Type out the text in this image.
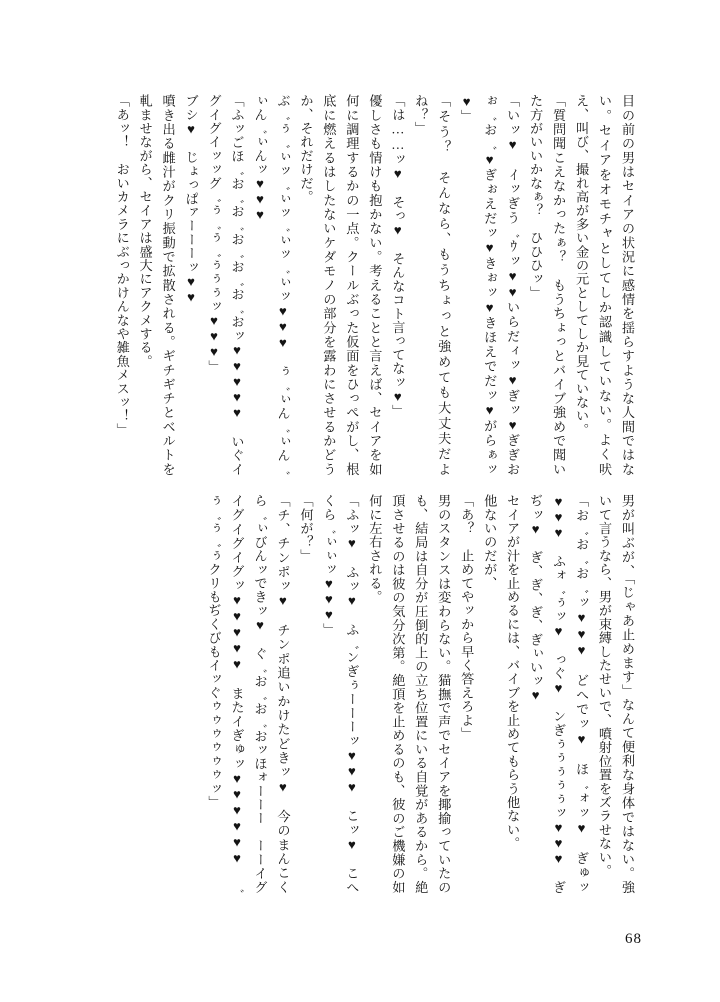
目の前の男はセイアの状況に感情を揺らすような人間ではない。セイアをオモチャとしてしか認識していない。よく吠え、叫び、撮れ高が多い金の元としてしか見ていない。
「質問聞こえなかったぁ？　もうちょっとバイブ強めで聞いた方がいいかなぁ？　ひひひッ」
「いッ♥　ｲッぎう゛ｳッ♥♥いらだィッ♥ぎッ♥ぎぎおぉ゛お゛♥ぎぉえだッ♥きぉッ♥きほえでだッ♥がらぁッ♥」
「そう？　そんなら、もうちょっと強めても大丈夫だよね？」
「は……ッ♥　そっ♥　そんなコト言ってなッ♥」
優しさも情けも抱かない。考えることと言えば、セイアを如何に調理するかの一点。クールぶった仮面をひっぺがし、根底に燃えるはしたないケダモノの部分を露わにさせるかどうか、それだけだ。
ぶ゛ぅ゛ぃッ゛ぃッ゛ぃッ゛ぃッ♥♥♥　ぅ゛ぃん゛ぃん゛ぃん゛ぃんッ♥♥♥
「ふッごほ゛お゛お゛お゛お゛お゛おッ♥♥♥♥♥　いぐイグイグイッッグ゛ぅ゛ぅ゛ぅぅぅッ♥♥♥」
ブシ♥　じょっぱァーーーッ♥♥
噴き出る雌汁がクリ振動で拡散される。ギチギチとベルトを軋ませながら、セイアは盛大にアクメする。
「あッ！　おいカメラにぶっかけんなや雑魚メスッ！」

男が叫ぶが、「じゃあ止めます」なんて便利な身体ではない。強いて言うなら、男が束縛したせいで、噴射位置をズラせない。
「お゛お゛お゛ッ♥♥♥　どへでッ♥　ほ゛ォッ♥　ぎゅッ♥♥♥　ふォ゛ぅッ♥　っぐ♥　ンぎぅぅぅぅぅッ♥♥♥　ぎぢッ♥　ぎ、ぎ、ぎ、ぎぃいッ♥
セイアが汁を止めるには、バイブを止めてもらう他ない。
他ないのだが、
「あ？　止めてやッから早く答えろよ」
男のスタンスは変わらない。猫撫で声でセイアを揶揄っていたのも、結局は自分が圧倒的上の立ち位置にいる自覚があるから。絶頂させるのは彼の気分次第。絶頂を止めるのも、彼のご機嫌の如何に左右される。
「ふッ♥　ふッ♥　ふ゛ンぎぅーーーッ♥♥♥　こッ♥　こへくら゛ぃぃッ♥♥♥」
「何が？」
「チ、チンポッ♥　チンポ追いかけたどきッ♥　今のまんこくら゛ぃびんッできッ♥　ぐ゛お゛お゛おッほォーーー　ーーイグイグイグイグッ♥♥♥♥♥　またイぎゅッ♥♥♥♥♥♥　゛ぅ゛ぅ゛ぅクリもぢくびもイッぐゥゥゥゥゥゥッ」

68
